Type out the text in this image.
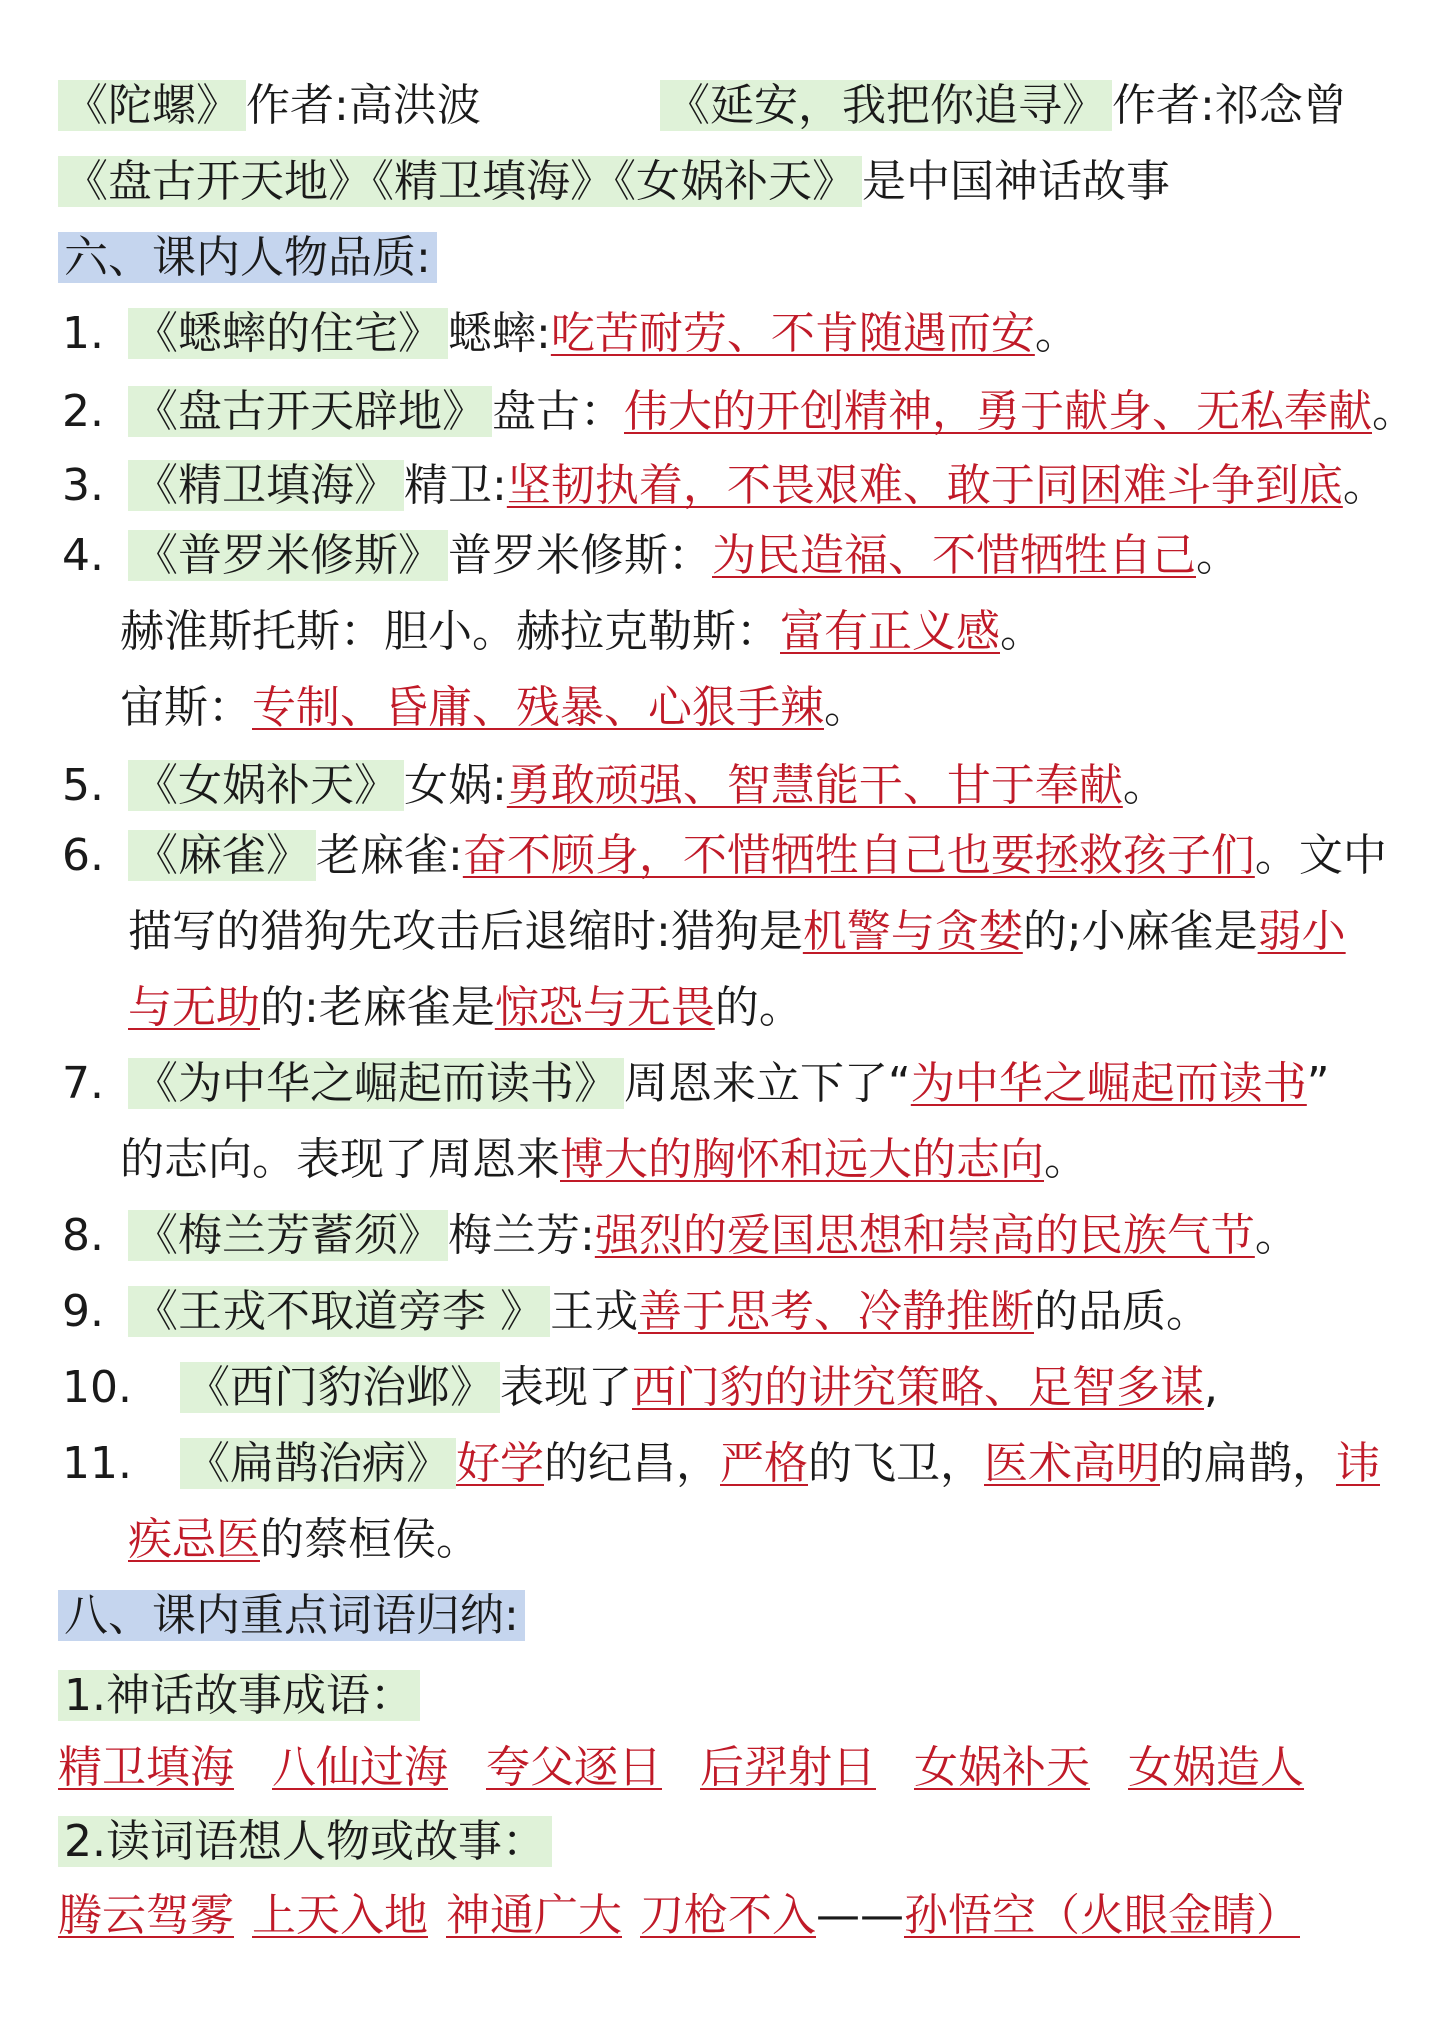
《陀螺》 作者:高洪波	《延安，我把你追寻》 作者:祁念曾
《盘古开天地》《精卫填海》《女娲补天》 是中国神话故事
六、课内人物品质:
1. 《蟋蟀的住宅》 蟋蟀:吃苦耐劳、不肯随遇而安。
2. 《盘古开天辟地》 盘古：伟大的开创精神，勇于献身、无私奉献。
3. 《精卫填海》 精卫:坚韧执着，不畏艰难、敢于同困难斗争到底。
4. 《普罗米修斯》 普罗米修斯：为民造福、不惜牺牲自己。
赫淮斯托斯：胆小。赫拉克勒斯：富有正义感。
宙斯：专制、昏庸、残暴、心狠手辣。
5. 《女娲补天》 女娲:勇敢顽强、智慧能干、甘于奉献。
6. 《麻雀》 老麻雀:奋不顾身，不惜牺牲自己也要拯救孩子们。文中
描写的猎狗先攻击后退缩时:猎狗是机警与贪婪的;小麻雀是弱小
与无助的:老麻雀是惊恐与无畏的。
7. 《为中华之崛起而读书》 周恩来立下了“为中华之崛起而读书”
的志向。表现了周恩来博大的胸怀和远大的志向。
8. 《梅兰芳蓄须》 梅兰芳:强烈的爱国思想和崇高的民族气节。
9. 《王戎不取道旁李 》 王戎善于思考、冷静推断的品质。
10. 《西门豹治邺》 表现了西门豹的讲究策略、足智多谋,
11. 《扁鹊治病》 好学的纪昌，严格的飞卫，医术高明的扁鹊，讳
疾忌医的蔡桓侯。
八、课内重点词语归纳:
1.神话故事成语：
精卫填海 八仙过海 夸父逐日 后羿射日 女娲补天 女娲造人
2.读词语想人物或故事：
腾云驾雾 上天入地 神通广大 刀枪不入——孙悟空（火眼金睛）
